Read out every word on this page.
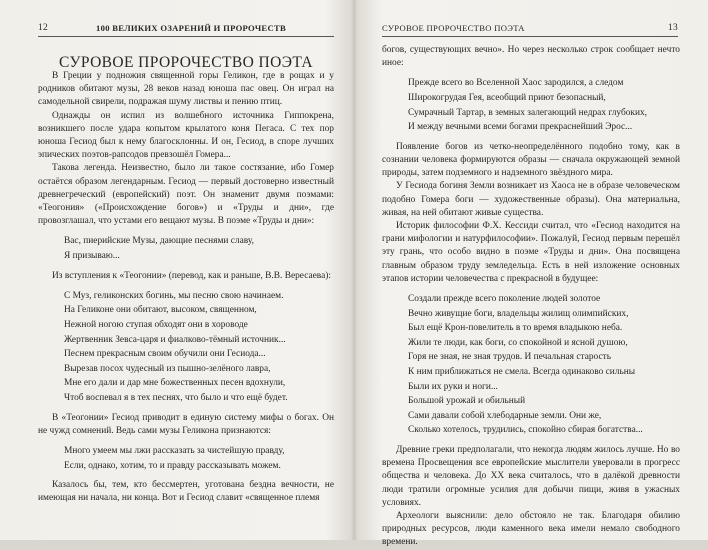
12	100 ВЕЛИКИХ ОЗАРЕНИЙ И ПРОРОЧЕСТВ
СУРОВОЕ ПРОРОЧЕСТВО ПОЭТА

В Греции у подножия священной горы Геликон, где в рощах и у родников обитают музы, 28 веков назад юноша пас овец. Он играл на самодельной свирели, подражая шуму листвы и пению птиц.

Однажды он испил из волшебного источника Гиппокрена, возникшего после удара копытом крылатого коня Пегаса. С тех пор юноша Гесиод был к нему благосклонны. И он, Гесиод, в споре лучших эпических поэтов-рапсодов превзошёл Гомера...

Такова легенда. Неизвестно, было ли такое состязание, ибо Гомер остаётся образом легендарным. Гесиод — первый достоверно известный древнегреческий (европейский) поэт. Он знаменит двумя поэмами: «Теогония» («Происхождение богов») и «Труды и дни», где провозглашал, что устами его вещают музы. В поэме «Труды и дни»:

Вас, пиерийские Музы, дающие песнями славу,
Я призываю...

Из вступления к «Теогонии» (перевод, как и раньше, В.В. Вересаева):

С Муз, геликонских богинь, мы песню свою начинаем.
На Геликоне они обитают, высоком, священном,
Нежной ногою ступая обходят они в хороводе
Жертвенник Зевса-царя и фиалково-тёмный источник...
Песнем прекрасным своим обучили они Гесиода...
Вырезав посох чудесный из пышно-зелёного лавра,
Мне его дали и дар мне божественных песен вдохнули,
Чтоб воспевал я в тех песнях, что было и что ещё будет.

В «Теогонии» Гесиод приводит в единую систему мифы о богах. Он не чужд сомнений. Ведь сами музы Геликона признаются:

Много умеем мы лжи рассказать за чистейшую правду,
Если, однако, хотим, то и правду рассказывать можем.

Казалось бы, тем, кто бессмертен, уготована бездна вечности, не имеющая ни начала, ни конца. Вот и Гесиод славит «священное племя

СУРОВОЕ ПРОРОЧЕСТВО ПОЭТА	13

богов, существующих вечно». Но через несколько строк сообщает нечто иное:

Прежде всего во Вселенной Хаос зародился, а следом
Широкогрудая Гея, всеобщий приют безопасный,
Сумрачный Тартар, в земных залегающий недрах глубоких,
И между вечными всеми богами прекраснейший Эрос...

Появление богов из четко-неопределённого подобно тому, как в сознании человека формируются образы — сначала окружающей земной природы, затем подземного и надземного звёздного мира.

У Гесиода богиня Земли возникает из Хаоса не в образе человеческом подобно Гомера боги — художественные образы). Она материальна, живая, на ней обитают живые существа.

Историк философии Ф.Х. Кессиди считал, что «Гесиод находится на грани мифологии и натурфилософии». Пожалуй, Гесиод первым перешёл эту грань, что особо видно в поэме «Труды и дни». Она посвящена главным образом труду земледельца. Есть в ней изложение основных этапов истории человечества с прекрасной в будущее:

Создали прежде всего поколение людей золотое
Вечно живущие боги, владельцы жилищ олимпийских,
Был ещё Крон-повелитель в то время владыкою неба.
Жили те люди, как боги, со спокойной и ясной душою,
Горя не зная, не зная трудов. И печальная старость
К ним приближаться не смела. Всегда одинаково сильны
Были их руки и ноги...
Большой урожай и обильный
Сами давали собой хлебодарные земли. Они же,
Сколько хотелось, трудились, спокойно сбирая богатства...

Древние греки предполагали, что некогда людям жилось лучше. Но во времена Просвещения все европейские мыслители уверовали в прогресс общества и человека. До XX века считалось, что в далёкой древности люди тратили огромные усилия для добычи пищи, живя в ужасных условиях.

Археологи выяснили: дело обстояло не так. Благодаря обилию природных ресурсов, люди каменного века имели немало свободного времени.
